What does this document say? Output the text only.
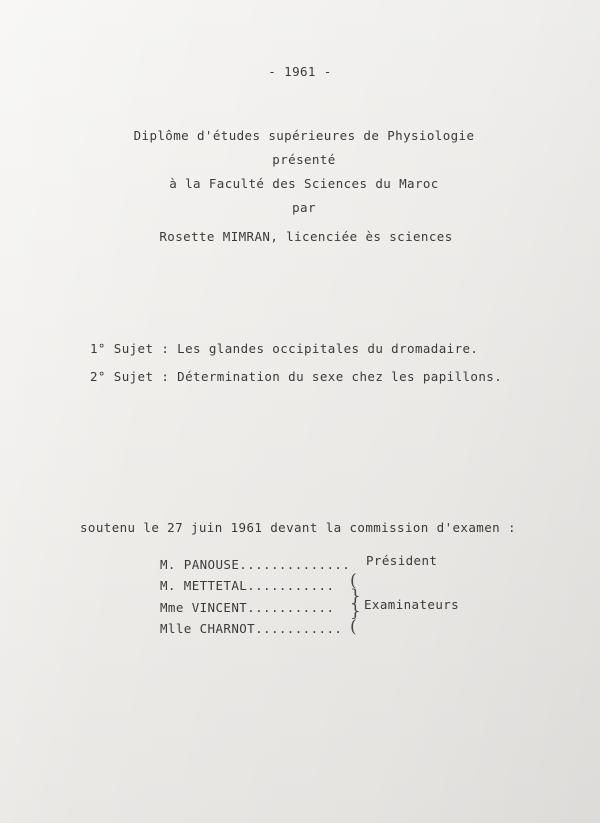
- 1961 -
Diplôme d'études supérieures de Physiologie
présenté
à la Faculté des Sciences du Maroc
par
Rosette MIMRAN, licenciée ès sciences
1° Sujet : Les glandes occipitales du dromadaire.
2° Sujet : Détermination du sexe chez les papillons.
soutenu le 27 juin 1961 devant la commission d'examen :
M. PANOUSE.............. Président
M. METTETAL...........
Mme VINCENT...........
Mlle CHARNOT...........
(
}
}
(
Examinateurs
